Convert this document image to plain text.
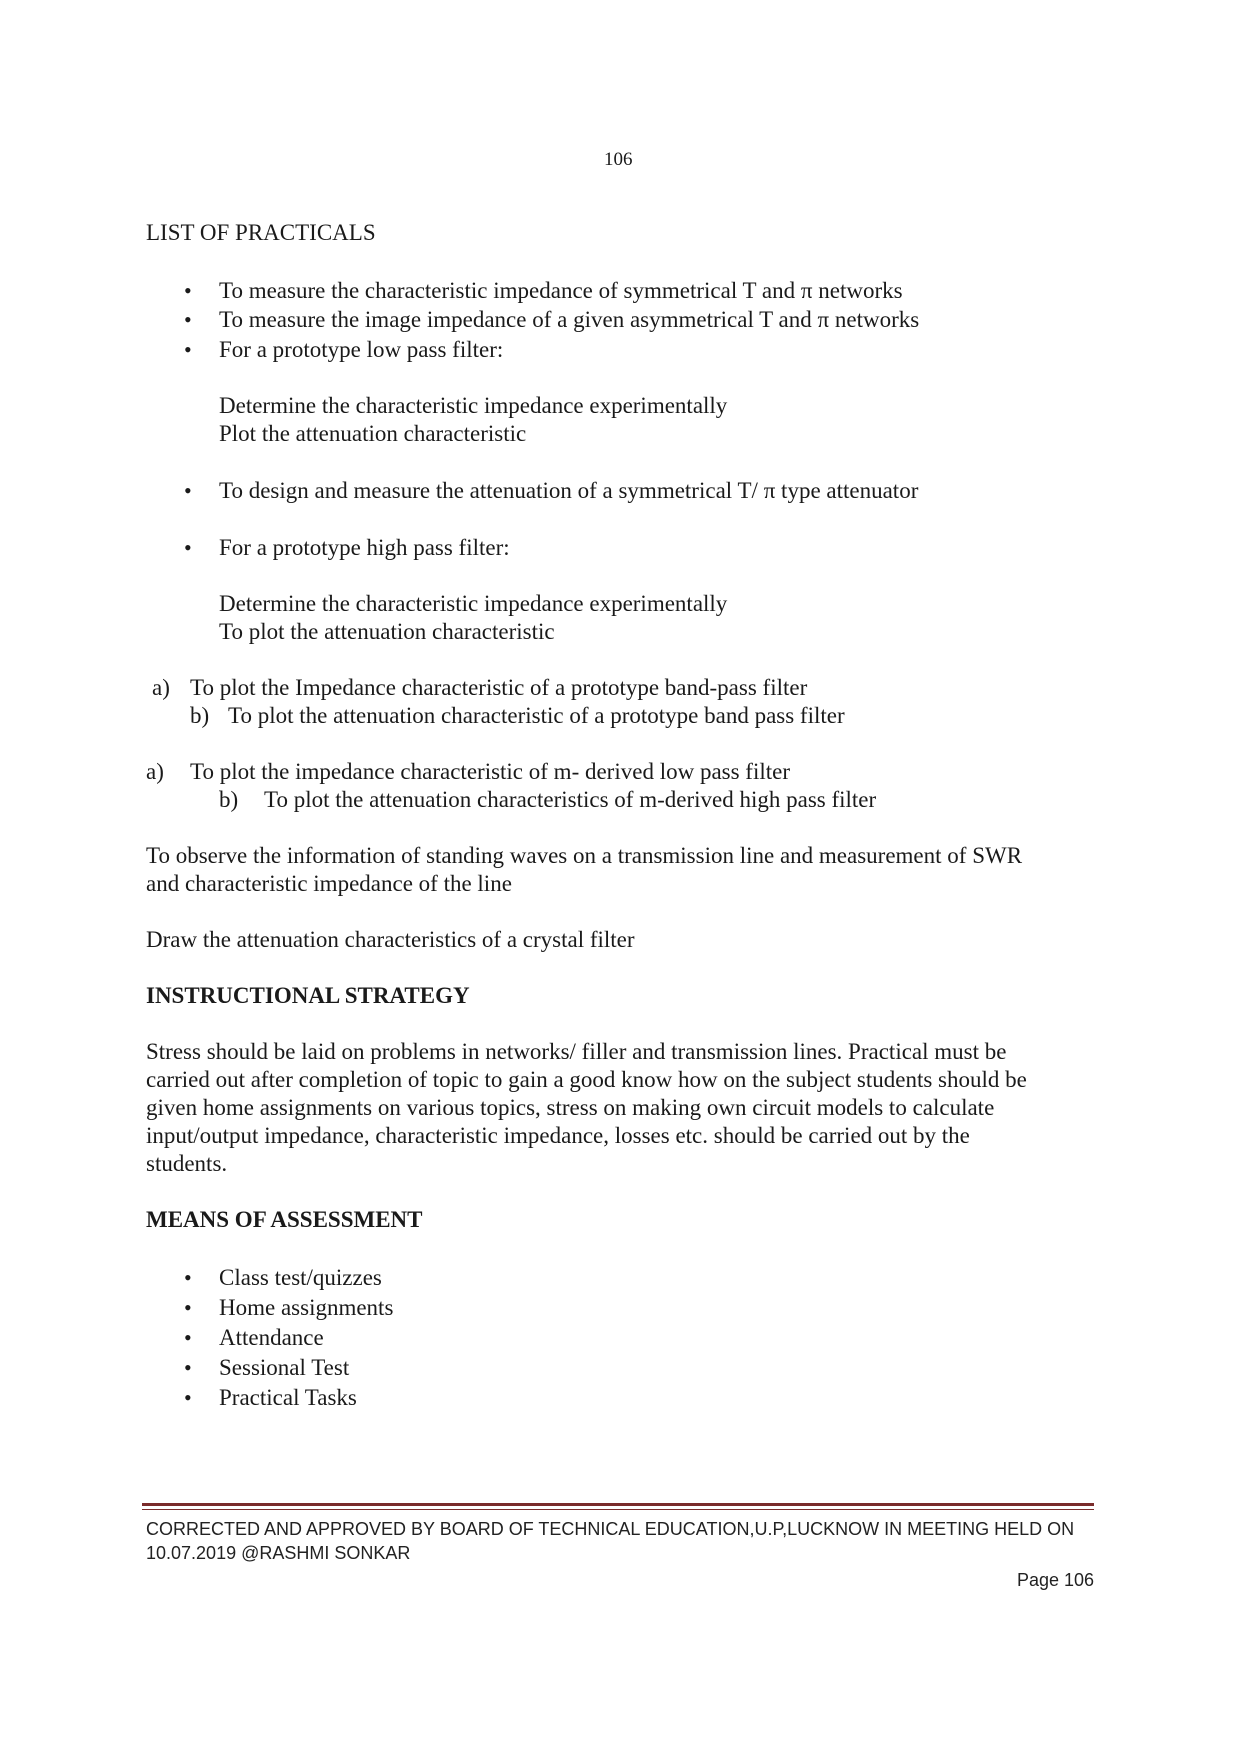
106
LIST OF PRACTICALS
• To measure the characteristic impedance of symmetrical T and π networks
• To measure the image impedance of a given asymmetrical T and π networks
• For a prototype low pass filter:
Determine the characteristic impedance experimentally
Plot the attenuation characteristic
• To design and measure the attenuation of a symmetrical T/ π type attenuator
• For a prototype high pass filter:
Determine the characteristic impedance experimentally
To plot the attenuation characteristic
a) To plot the Impedance characteristic of a prototype band-pass filter
b) To plot the attenuation characteristic of a prototype band pass filter
a) To plot the impedance characteristic of m- derived low pass filter
b) To plot the attenuation characteristics of m-derived high pass filter
To observe the information of standing waves on a transmission line and measurement of SWR
and characteristic impedance of the line
Draw the attenuation characteristics of a crystal filter
INSTRUCTIONAL STRATEGY
Stress should be laid on problems in networks/ filler and transmission lines. Practical must be
carried out after completion of topic to gain a good know how on the subject students should be
given home assignments on various topics, stress on making own circuit models to calculate
input/output impedance, characteristic impedance, losses etc. should be carried out by the
students.
MEANS OF ASSESSMENT
• Class test/quizzes
• Home assignments
• Attendance
• Sessional Test
• Practical Tasks
CORRECTED AND APPROVED BY BOARD OF TECHNICAL EDUCATION,U.P,LUCKNOW IN MEETING HELD ON
10.07.2019 @RASHMI SONKAR
Page 106
